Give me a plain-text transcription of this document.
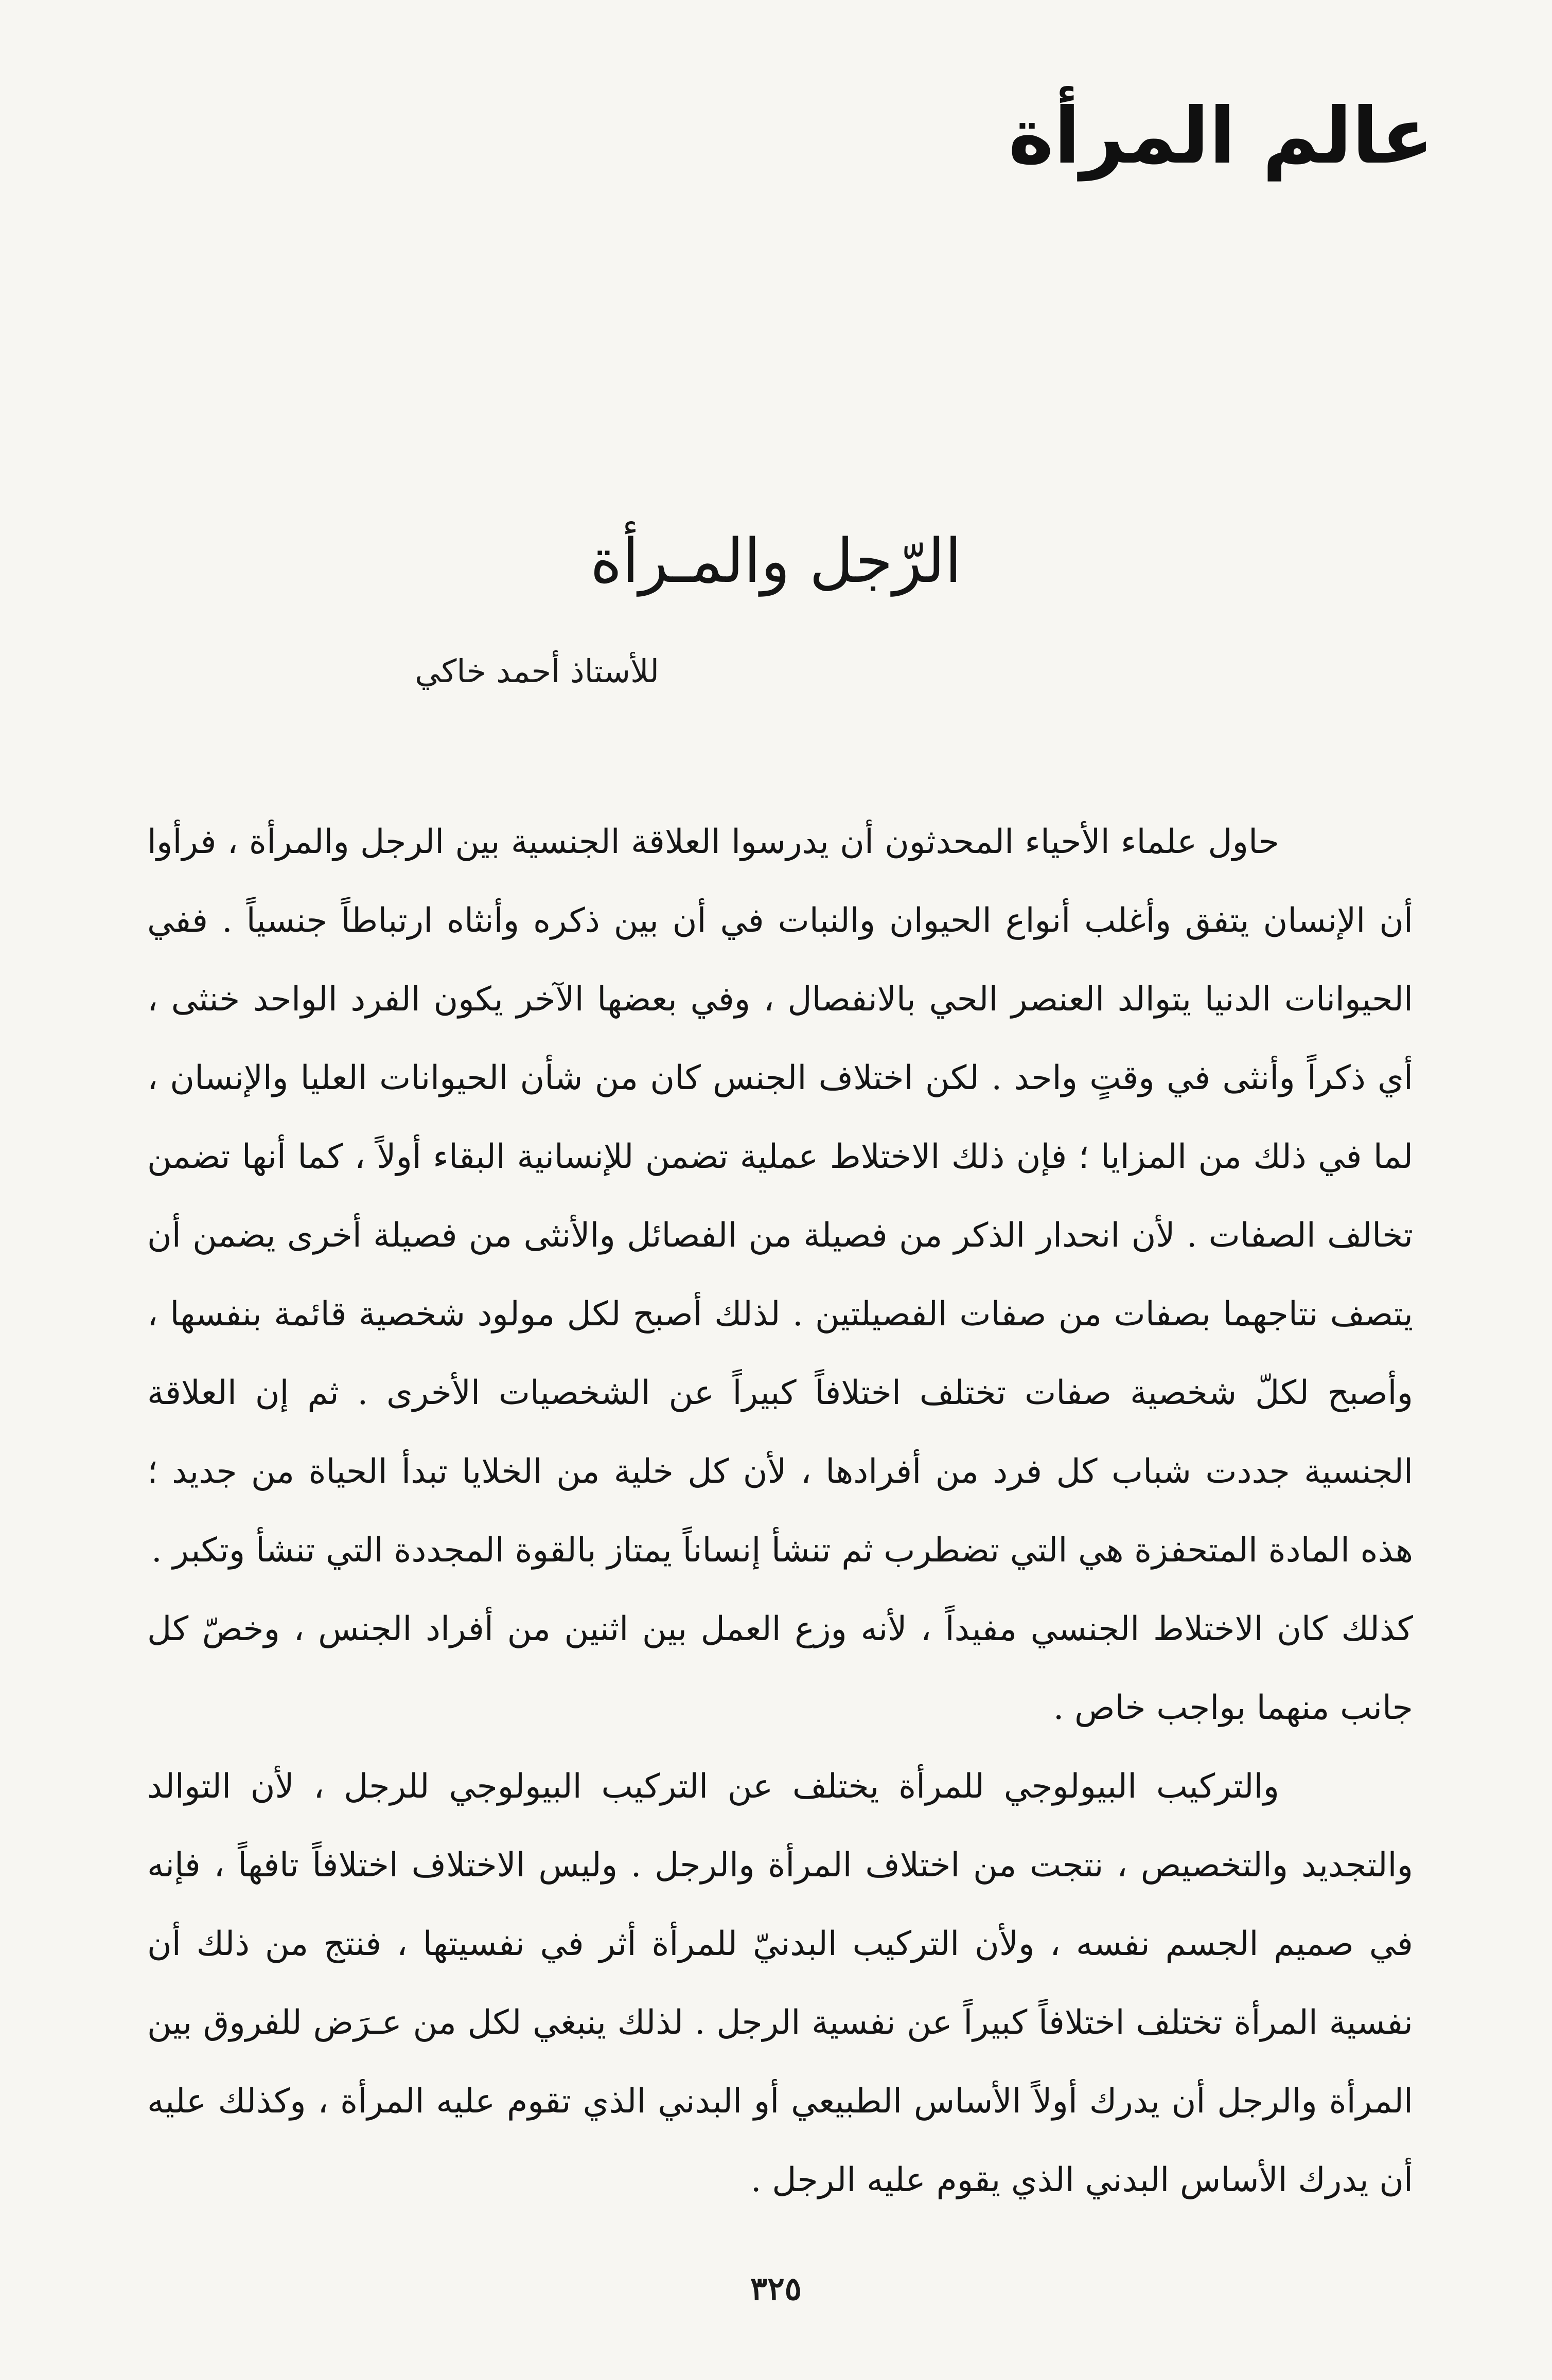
عالم المرأة
الرّجل والمـرأة

للأستاذ أحمد خاكي

حاول علماء الأحياء المحدثون أن يدرسوا العلاقة الجنسية بين الرجل والمرأة ، فرأوا أن الإنسان يتفق وأغلب أنواع الحيوان والنبات في أن بين ذكره وأنثاه ارتباطاً جنسياً . ففي الحيوانات الدنيا يتوالد العنصر الحي بالانفصال ، وفي بعضها الآخر يكون الفرد الواحد خنثى ، أي ذكراً وأنثى في وقتٍ واحد . لكن اختلاف الجنس كان من شأن الحيوانات العليا والإنسان ، لما في ذلك من المزايا ؛ فإن ذلك الاختلاط عملية تضمن للإنسانية البقاء أولاً ، كما أنها تضمن تخالف الصفات . لأن انحدار الذكر من فصيلة من الفصائل والأنثى من فصيلة أخرى يضمن أن يتصف نتاجهما بصفات من صفات الفصيلتين . لذلك أصبح لكل مولود شخصية قائمة بنفسها ، وأصبح لكلّ شخصية صفات تختلف اختلافاً كبيراً عن الشخصيات الأخرى . ثم إن العلاقة الجنسية جددت شباب كل فرد من أفرادها ، لأن كل خلية من الخلايا تبدأ الحياة من جديد ؛ هذه المادة المتحفزة هي التي تضطرب ثم تنشأ إنساناً يمتاز بالقوة المجددة التي تنشأ وتكبر .

كذلك كان الاختلاط الجنسي مفيداً ، لأنه وزع العمل بين اثنين من أفراد الجنس ، وخصّ كل جانب منهما بواجب خاص .

والتركيب البيولوجي للمرأة يختلف عن التركيب البيولوجي للرجل ، لأن التوالد والتجديد والتخصيص ، نتجت من اختلاف المرأة والرجل . وليس الاختلاف اختلافاً تافهاً ، فإنه في صميم الجسم نفسه ، ولأن التركيب البدنيّ للمرأة أثر في نفسيتها ، فنتج من ذلك أن نفسية المرأة تختلف اختلافاً كبيراً عن نفسية الرجل . لذلك ينبغي لكل من عـرَض للفروق بين المرأة والرجل أن يدرك أولاً الأساس الطبيعي أو البدني الذي تقوم عليه المرأة ، وكذلك عليه أن يدرك الأساس البدني الذي يقوم عليه الرجل .

٣٢٥
